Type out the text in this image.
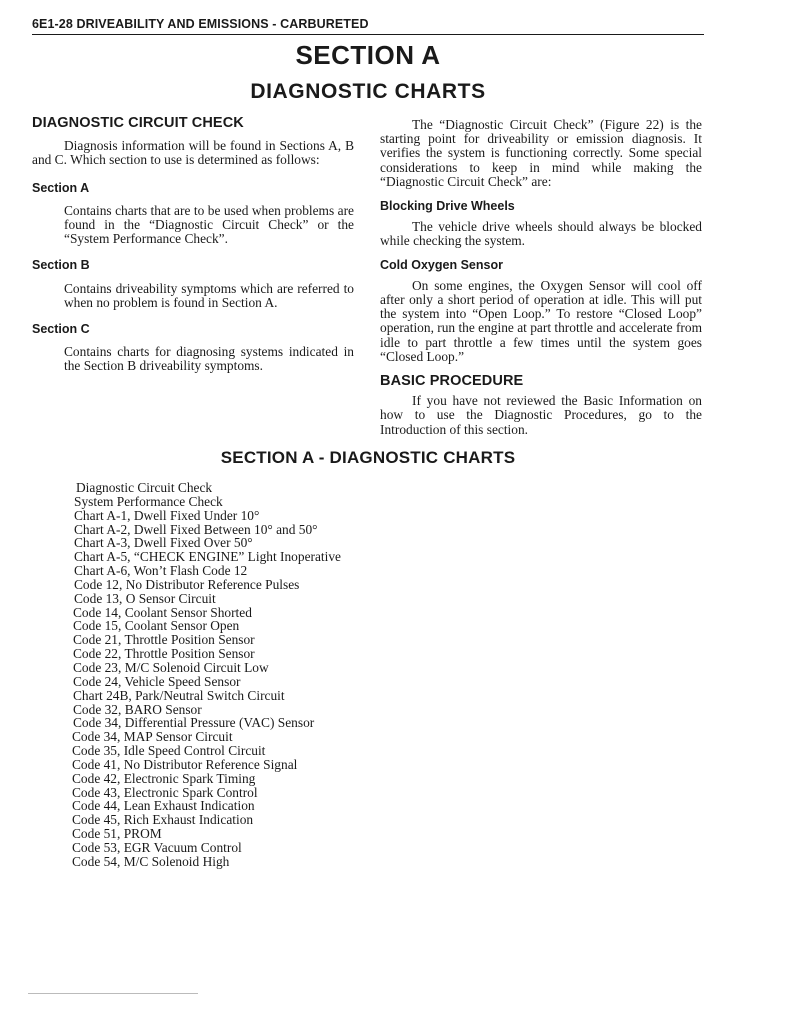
6E1-28 DRIVEABILITY AND EMISSIONS - CARBURETED
SECTION A
DIAGNOSTIC CHARTS
DIAGNOSTIC CIRCUIT CHECK

Diagnosis information will be found in Sections A, B and C. Which section to use is determined as follows:

Section A

Contains charts that are to be used when problems are found in the “Diagnostic Circuit Check” or the “System Performance Check”.

Section B

Contains driveability symptoms which are referred to when no problem is found in Section A.

Section C

Contains charts for diagnosing systems indicated in the Section B driveability symptoms.

The “Diagnostic Circuit Check” (Figure 22) is the starting point for driveability or emission diagnosis. It verifies the system is functioning correctly. Some special considerations to keep in mind while making the “Diagnostic Circuit Check” are:

Blocking Drive Wheels

The vehicle drive wheels should always be blocked while checking the system.

Cold Oxygen Sensor

On some engines, the Oxygen Sensor will cool off after only a short period of operation at idle. This will put the system into “Open Loop.” To restore “Closed Loop” operation, run the engine at part throttle and accelerate from idle to part throttle a few times until the system goes “Closed Loop.”

BASIC PROCEDURE

If you have not reviewed the Basic Information on how to use the Diagnostic Procedures, go to the Introduction of this section.

SECTION A - DIAGNOSTIC CHARTS
Diagnostic Circuit Check
System Performance Check
Chart A-1, Dwell Fixed Under 10°
Chart A-2, Dwell Fixed Between 10° and 50°
Chart A-3, Dwell Fixed Over 50°
Chart A-5, “CHECK ENGINE” Light Inoperative
Chart A-6, Won’t Flash Code 12
Code 12, No Distributor Reference Pulses
Code 13, O Sensor Circuit
Code 14, Coolant Sensor Shorted
Code 15, Coolant Sensor Open
Code 21, Throttle Position Sensor
Code 22, Throttle Position Sensor
Code 23, M/C Solenoid Circuit Low
Code 24, Vehicle Speed Sensor
Chart 24B, Park/Neutral Switch Circuit
Code 32, BARO Sensor
Code 34, Differential Pressure (VAC) Sensor
Code 34, MAP Sensor Circuit
Code 35, Idle Speed Control Circuit
Code 41, No Distributor Reference Signal
Code 42, Electronic Spark Timing
Code 43, Electronic Spark Control
Code 44, Lean Exhaust Indication
Code 45, Rich Exhaust Indication
Code 51, PROM
Code 53, EGR Vacuum Control
Code 54, M/C Solenoid High
